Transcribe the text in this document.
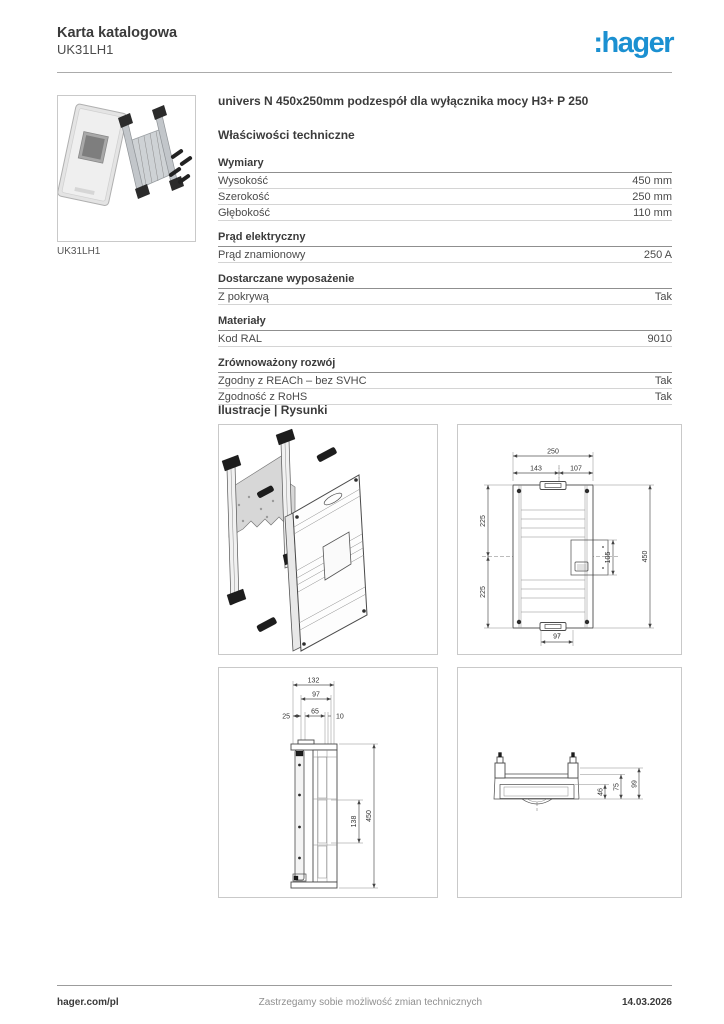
Karta katalogowa
UK31LH1	:hager
UK31LH1
univers N 450x250mm podzespół dla wyłącznika mocy H3+ P 250
Właściwości techniczne
Wymiary
Wysokość	450 mm
Szerokość	250 mm
Głębokość	110 mm
Prąd elektryczny
Prąd znamionowy	250 A
Dostarczane wyposażenie
Z pokrywą	Tak
Materiały
Kod RAL	9010
Zrównoważony rozwój
Zgodny z REACh – bez SVHC	Tak
Zgodność z RoHS	Tak
Ilustracje | Rysunki
250
143	107
225
225
105	450
97
132
97
25
65
10
138 450
46
75 99
hager.com/pl	Zastrzegamy sobie możliwość zmian technicznych	14.03.2026
